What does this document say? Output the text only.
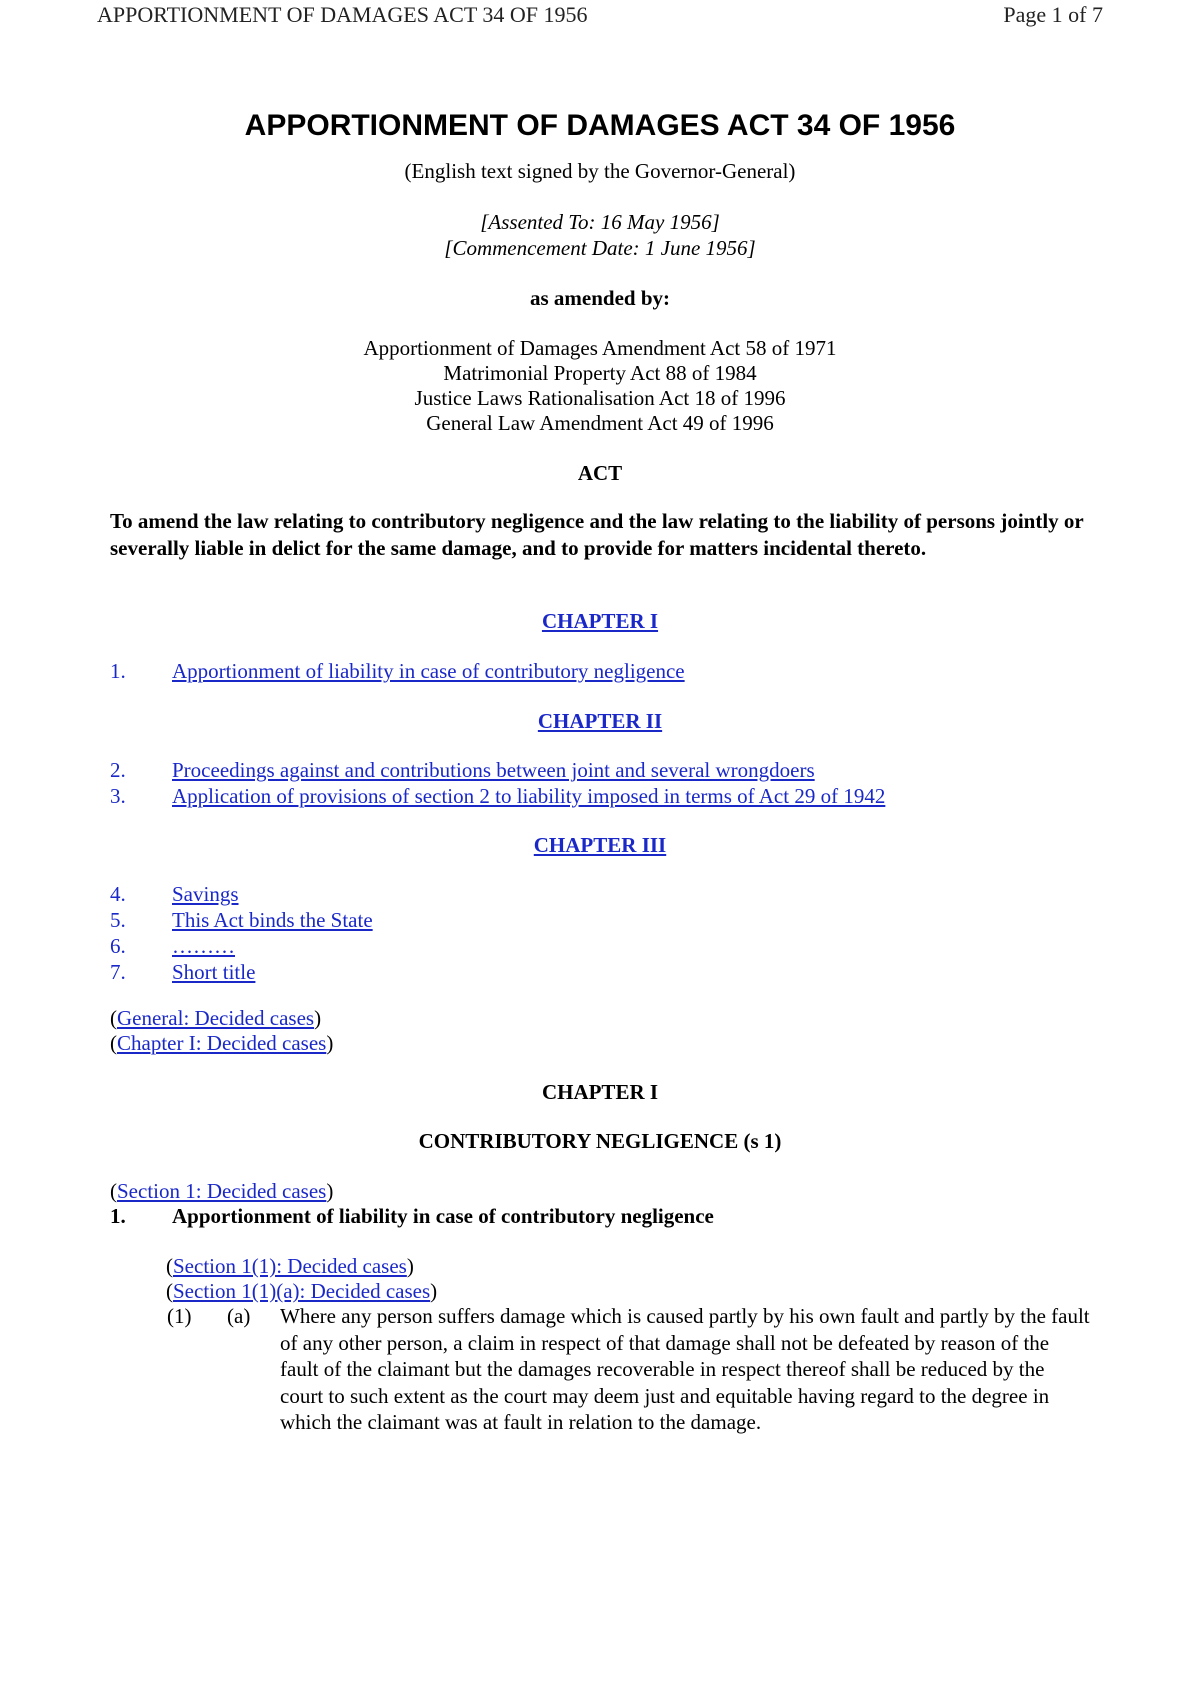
APPORTIONMENT OF DAMAGES ACT 34 OF 1956	Page 1 of 7
APPORTIONMENT OF DAMAGES ACT 34 OF 1956
(English text signed by the Governor-General)
[Assented To: 16 May 1956]
[Commencement Date: 1 June 1956]
as amended by:
Apportionment of Damages Amendment Act 58 of 1971
Matrimonial Property Act 88 of 1984
Justice Laws Rationalisation Act 18 of 1996
General Law Amendment Act 49 of 1996
ACT
To amend the law relating to contributory negligence and the law relating to the liability of persons jointly or severally liable in delict for the same damage, and to provide for matters incidental thereto.
CHAPTER I
1. Apportionment of liability in case of contributory negligence
CHAPTER II
2. Proceedings against and contributions between joint and several wrongdoers
3. Application of provisions of section 2 to liability imposed in terms of Act 29 of 1942
CHAPTER III
4. Savings
5. This Act binds the State
6. ………
7. Short title
(General: Decided cases)
(Chapter I: Decided cases)
CHAPTER I
CONTRIBUTORY NEGLIGENCE (s 1)
(Section 1: Decided cases)
1. Apportionment of liability in case of contributory negligence
(Section 1(1): Decided cases)
(Section 1(1)(a): Decided cases)
(1) (a) Where any person suffers damage which is caused partly by his own fault and partly by the fault of any other person, a claim in respect of that damage shall not be defeated by reason of the fault of the claimant but the damages recoverable in respect thereof shall be reduced by the court to such extent as the court may deem just and equitable having regard to the degree in which the claimant was at fault in relation to the damage.
